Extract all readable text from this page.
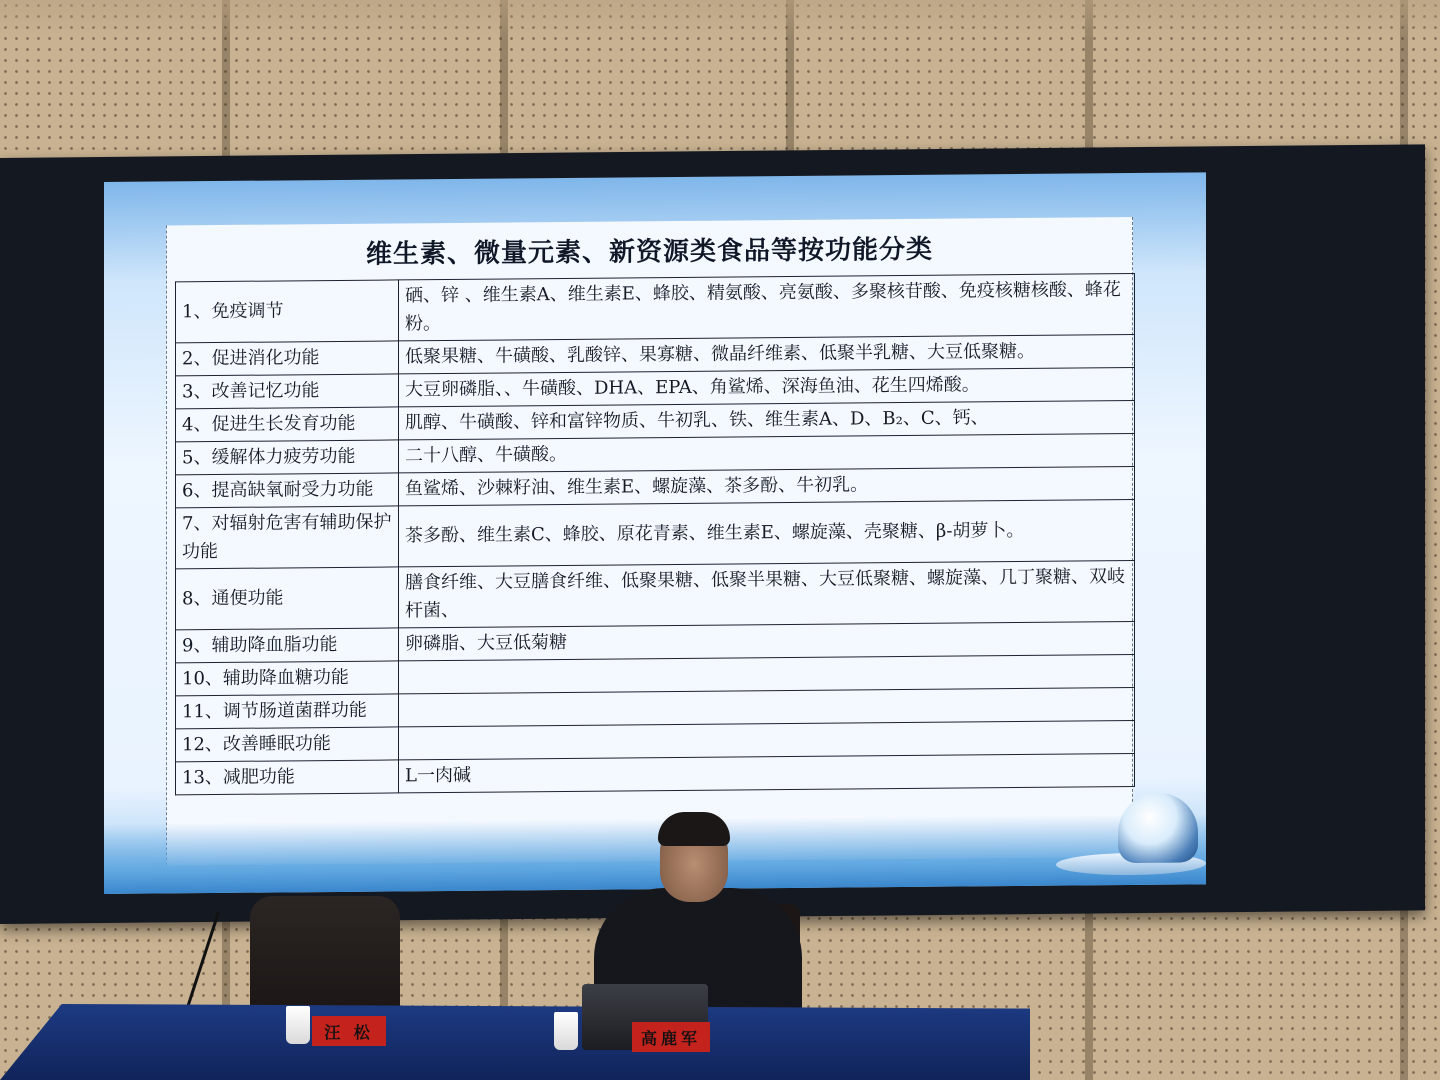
维生素、微量元素、新资源类食品等按功能分类
1、免疫调节	硒、锌 、维生素A、维生素E、蜂胶、精氨酸、亮氨酸、多聚核苷酸、免疫核糖核酸、蜂花粉。
2、促进消化功能	低聚果糖、牛磺酸、乳酸锌、果寡糖、微晶纤维素、低聚半乳糖、大豆低聚糖。
3、改善记忆功能	大豆卵磷脂、、牛磺酸、DHA、EPA、角鲨烯、深海鱼油、花生四烯酸。
4、促进生长发育功能	肌醇、牛磺酸、锌和富锌物质、牛初乳、铁、维生素A、D、B₂、C、钙、
5、缓解体力疲劳功能	二十八醇、牛磺酸。
6、提高缺氧耐受力功能	鱼鲨烯、沙棘籽油、维生素E、螺旋藻、茶多酚、牛初乳。
7、对辐射危害有辅助保护功能	茶多酚、维生素C、蜂胶、原花青素、维生素E、螺旋藻、壳聚糖、β-胡萝卜。
8、通便功能	膳食纤维、大豆膳食纤维、低聚果糖、低聚半果糖、大豆低聚糖、螺旋藻、几丁聚糖、双岐杆菌、
9、辅助降血脂功能	卵磷脂、大豆低菊糖
10、辅助降血糖功能	
11、调节肠道菌群功能	
12、改善睡眠功能	
13、减肥功能	L一肉碱
汪 松	高鹿军
